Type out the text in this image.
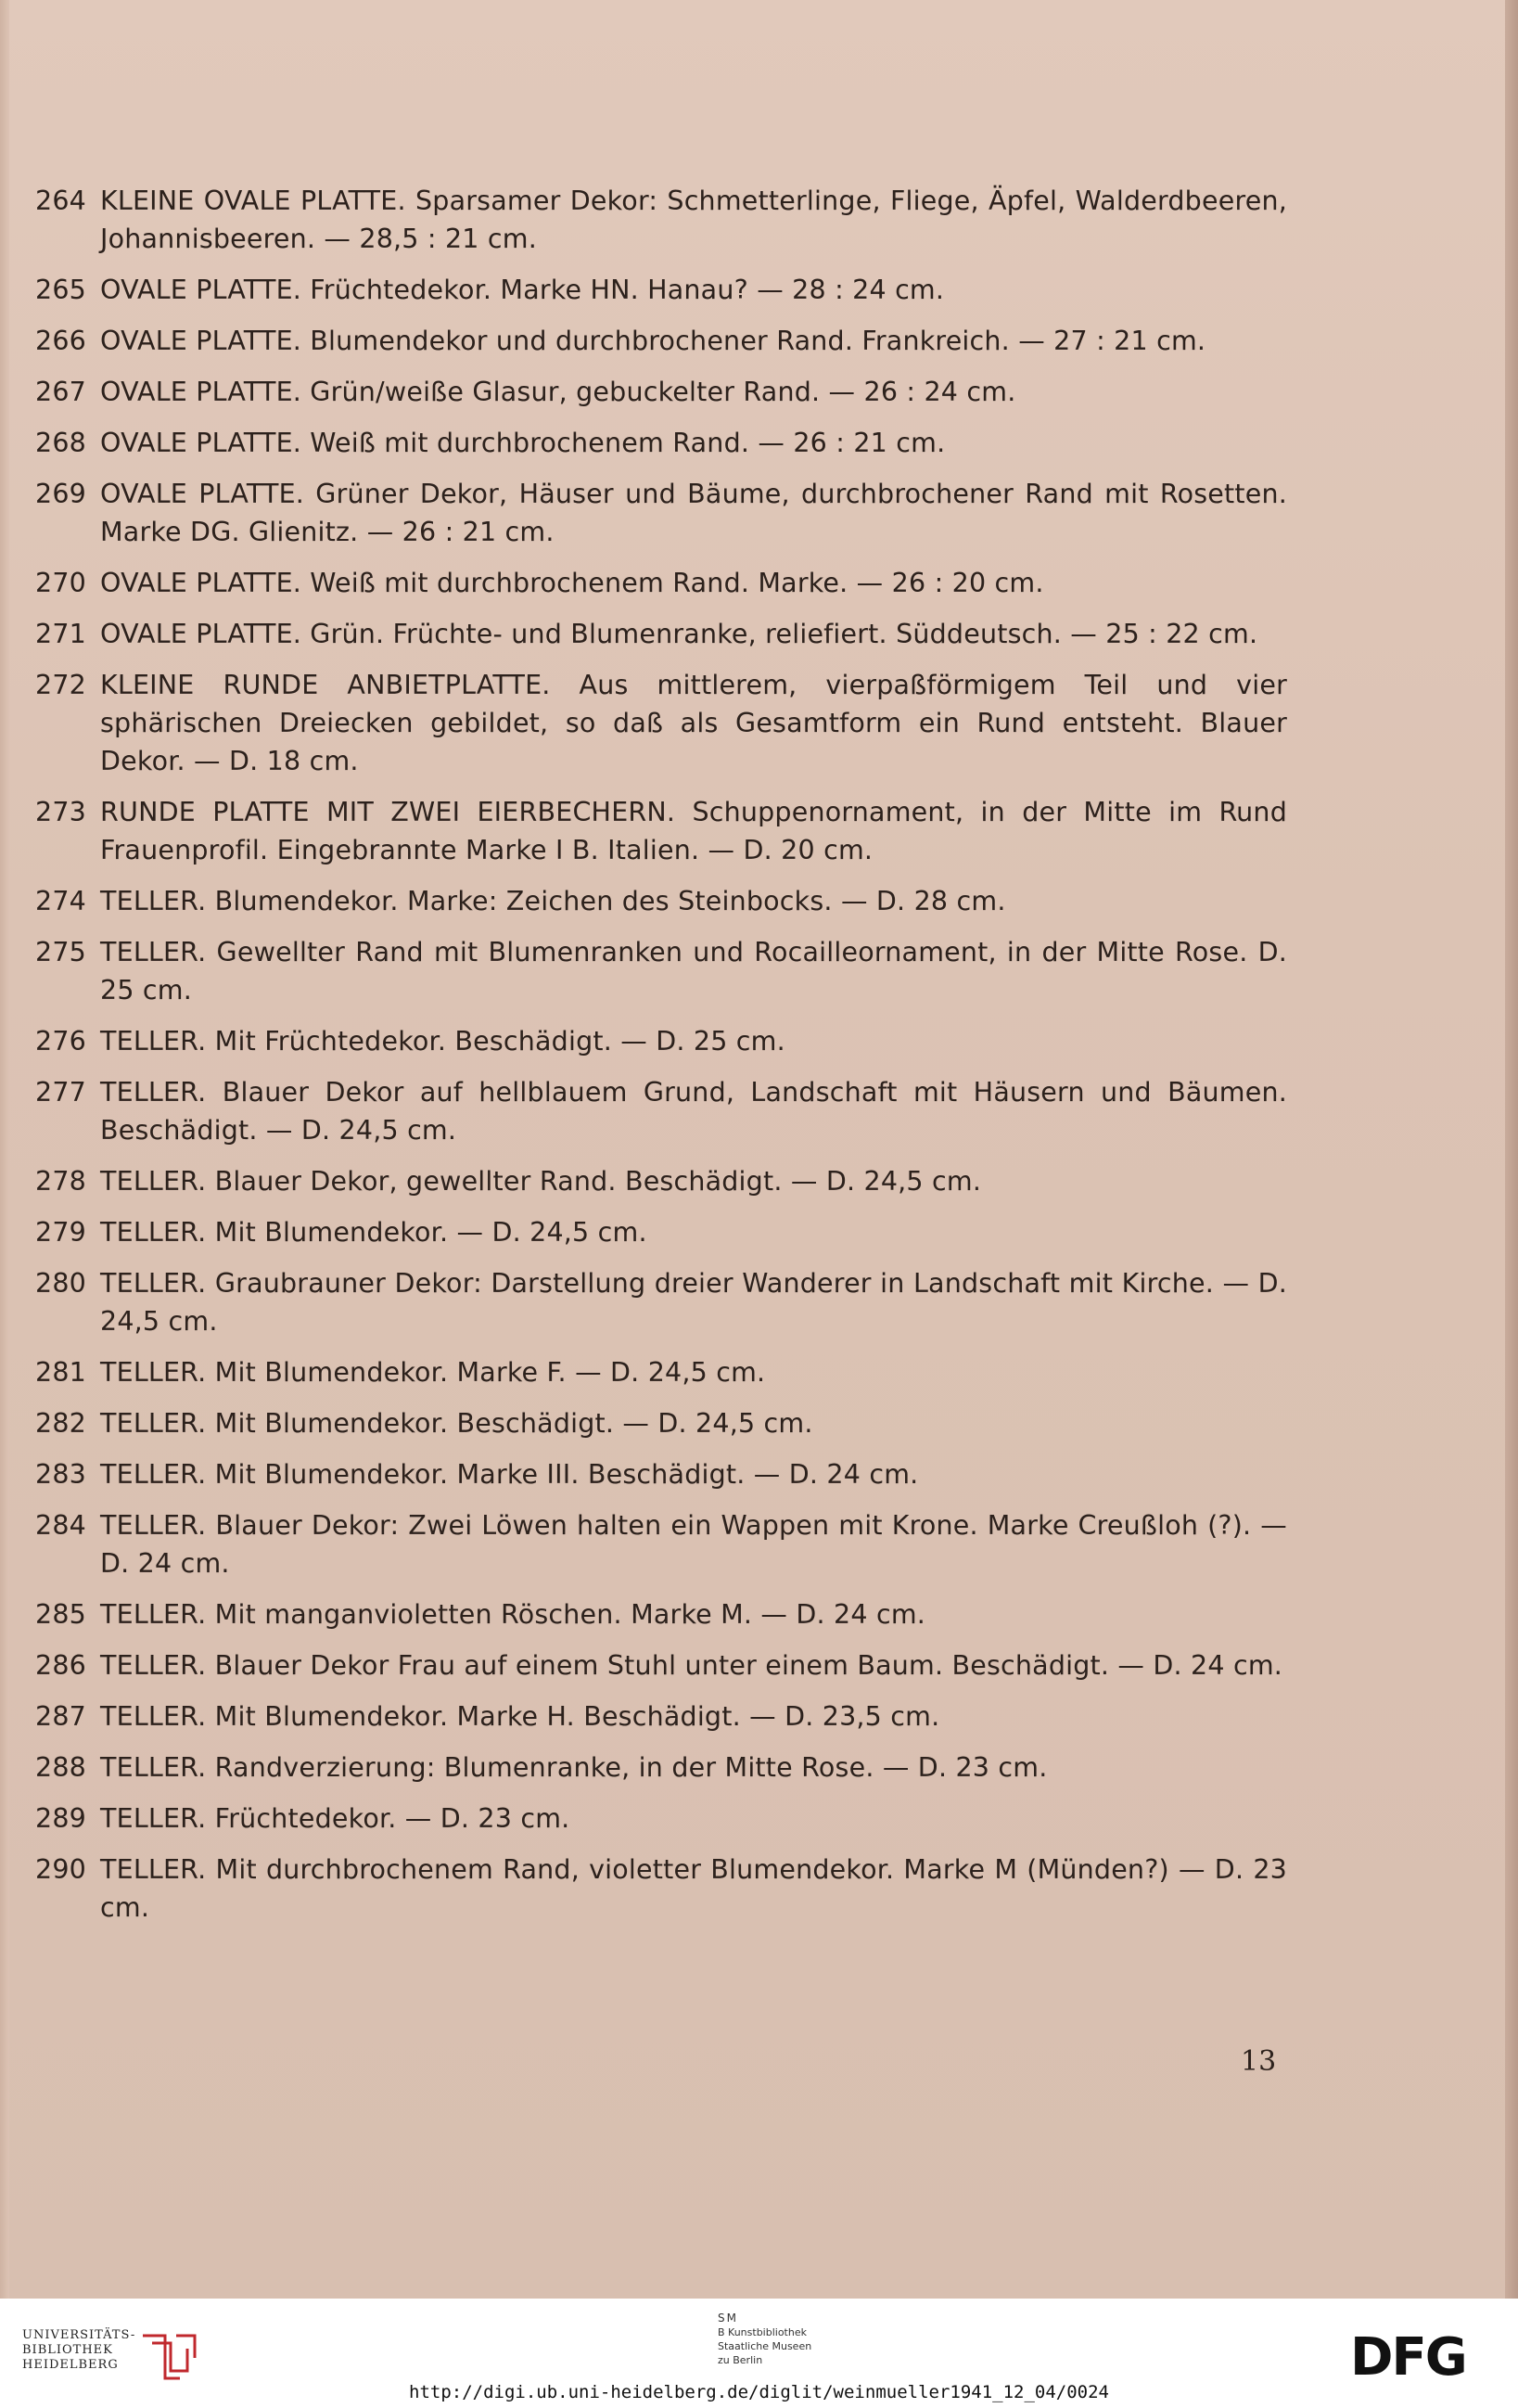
264 KLEINE OVALE PLATTE. Sparsamer Dekor: Schmetterlinge, Fliege, Äpfel, Walderdbeeren, Johannisbeeren. — 28,5 : 21 cm.
265 OVALE PLATTE. Früchtedekor. Marke HN. Hanau? — 28 : 24 cm.
266 OVALE PLATTE. Blumendekor und durchbrochener Rand. Frankreich. — 27 : 21 cm.
267 OVALE PLATTE. Grün/weiße Glasur, gebuckelter Rand. — 26 : 24 cm.
268 OVALE PLATTE. Weiß mit durchbrochenem Rand. — 26 : 21 cm.
269 OVALE PLATTE. Grüner Dekor, Häuser und Bäume, durchbrochener Rand mit Rosetten. Marke DG. Glienitz. — 26 : 21 cm.
270 OVALE PLATTE. Weiß mit durchbrochenem Rand. Marke. — 26 : 20 cm.
271 OVALE PLATTE. Grün. Früchte- und Blumenranke, reliefiert. Süddeutsch. — 25 : 22 cm.
272 KLEINE RUNDE ANBIETPLATTE. Aus mittlerem, vierpaßförmigem Teil und vier sphärischen Dreiecken gebildet, so daß als Gesamtform ein Rund entsteht. Blauer Dekor. — D. 18 cm.
273 RUNDE PLATTE MIT ZWEI EIERBECHERN. Schuppenornament, in der Mitte im Rund Frauenprofil. Eingebrannte Marke I B. Italien. — D. 20 cm.
274 TELLER. Blumendekor. Marke: Zeichen des Steinbocks. — D. 28 cm.
275 TELLER. Gewellter Rand mit Blumenranken und Rocailleornament, in der Mitte Rose. D. 25 cm.
276 TELLER. Mit Früchtedekor. Beschädigt. — D. 25 cm.
277 TELLER. Blauer Dekor auf hellblauem Grund, Landschaft mit Häusern und Bäumen. Beschädigt. — D. 24,5 cm.
278 TELLER. Blauer Dekor, gewellter Rand. Beschädigt. — D. 24,5 cm.
279 TELLER. Mit Blumendekor. — D. 24,5 cm.
280 TELLER. Graubrauner Dekor: Darstellung dreier Wanderer in Landschaft mit Kirche. — D. 24,5 cm.
281 TELLER. Mit Blumendekor. Marke F. — D. 24,5 cm.
282 TELLER. Mit Blumendekor. Beschädigt. — D. 24,5 cm.
283 TELLER. Mit Blumendekor. Marke III. Beschädigt. — D. 24 cm.
284 TELLER. Blauer Dekor: Zwei Löwen halten ein Wappen mit Krone. Marke Creußloh (?). — D. 24 cm.
285 TELLER. Mit manganvioletten Röschen. Marke M. — D. 24 cm.
286 TELLER. Blauer Dekor Frau auf einem Stuhl unter einem Baum. Beschädigt. — D. 24 cm.
287 TELLER. Mit Blumendekor. Marke H. Beschädigt. — D. 23,5 cm.
288 TELLER. Randverzierung: Blumenranke, in der Mitte Rose. — D. 23 cm.
289 TELLER. Früchtedekor. — D. 23 cm.
290 TELLER. Mit durchbrochenem Rand, violetter Blumendekor. Marke M (Münden?) — D. 23 cm.
13
UNIVERSITÄTS-
BIBLIOTHEK
HEIDELBERG
SM
B Kunstbibliothek
Staatliche Museen
zu Berlin	DFG
http://digi.ub.uni-heidelberg.de/diglit/weinmueller1941_12_04/0024
